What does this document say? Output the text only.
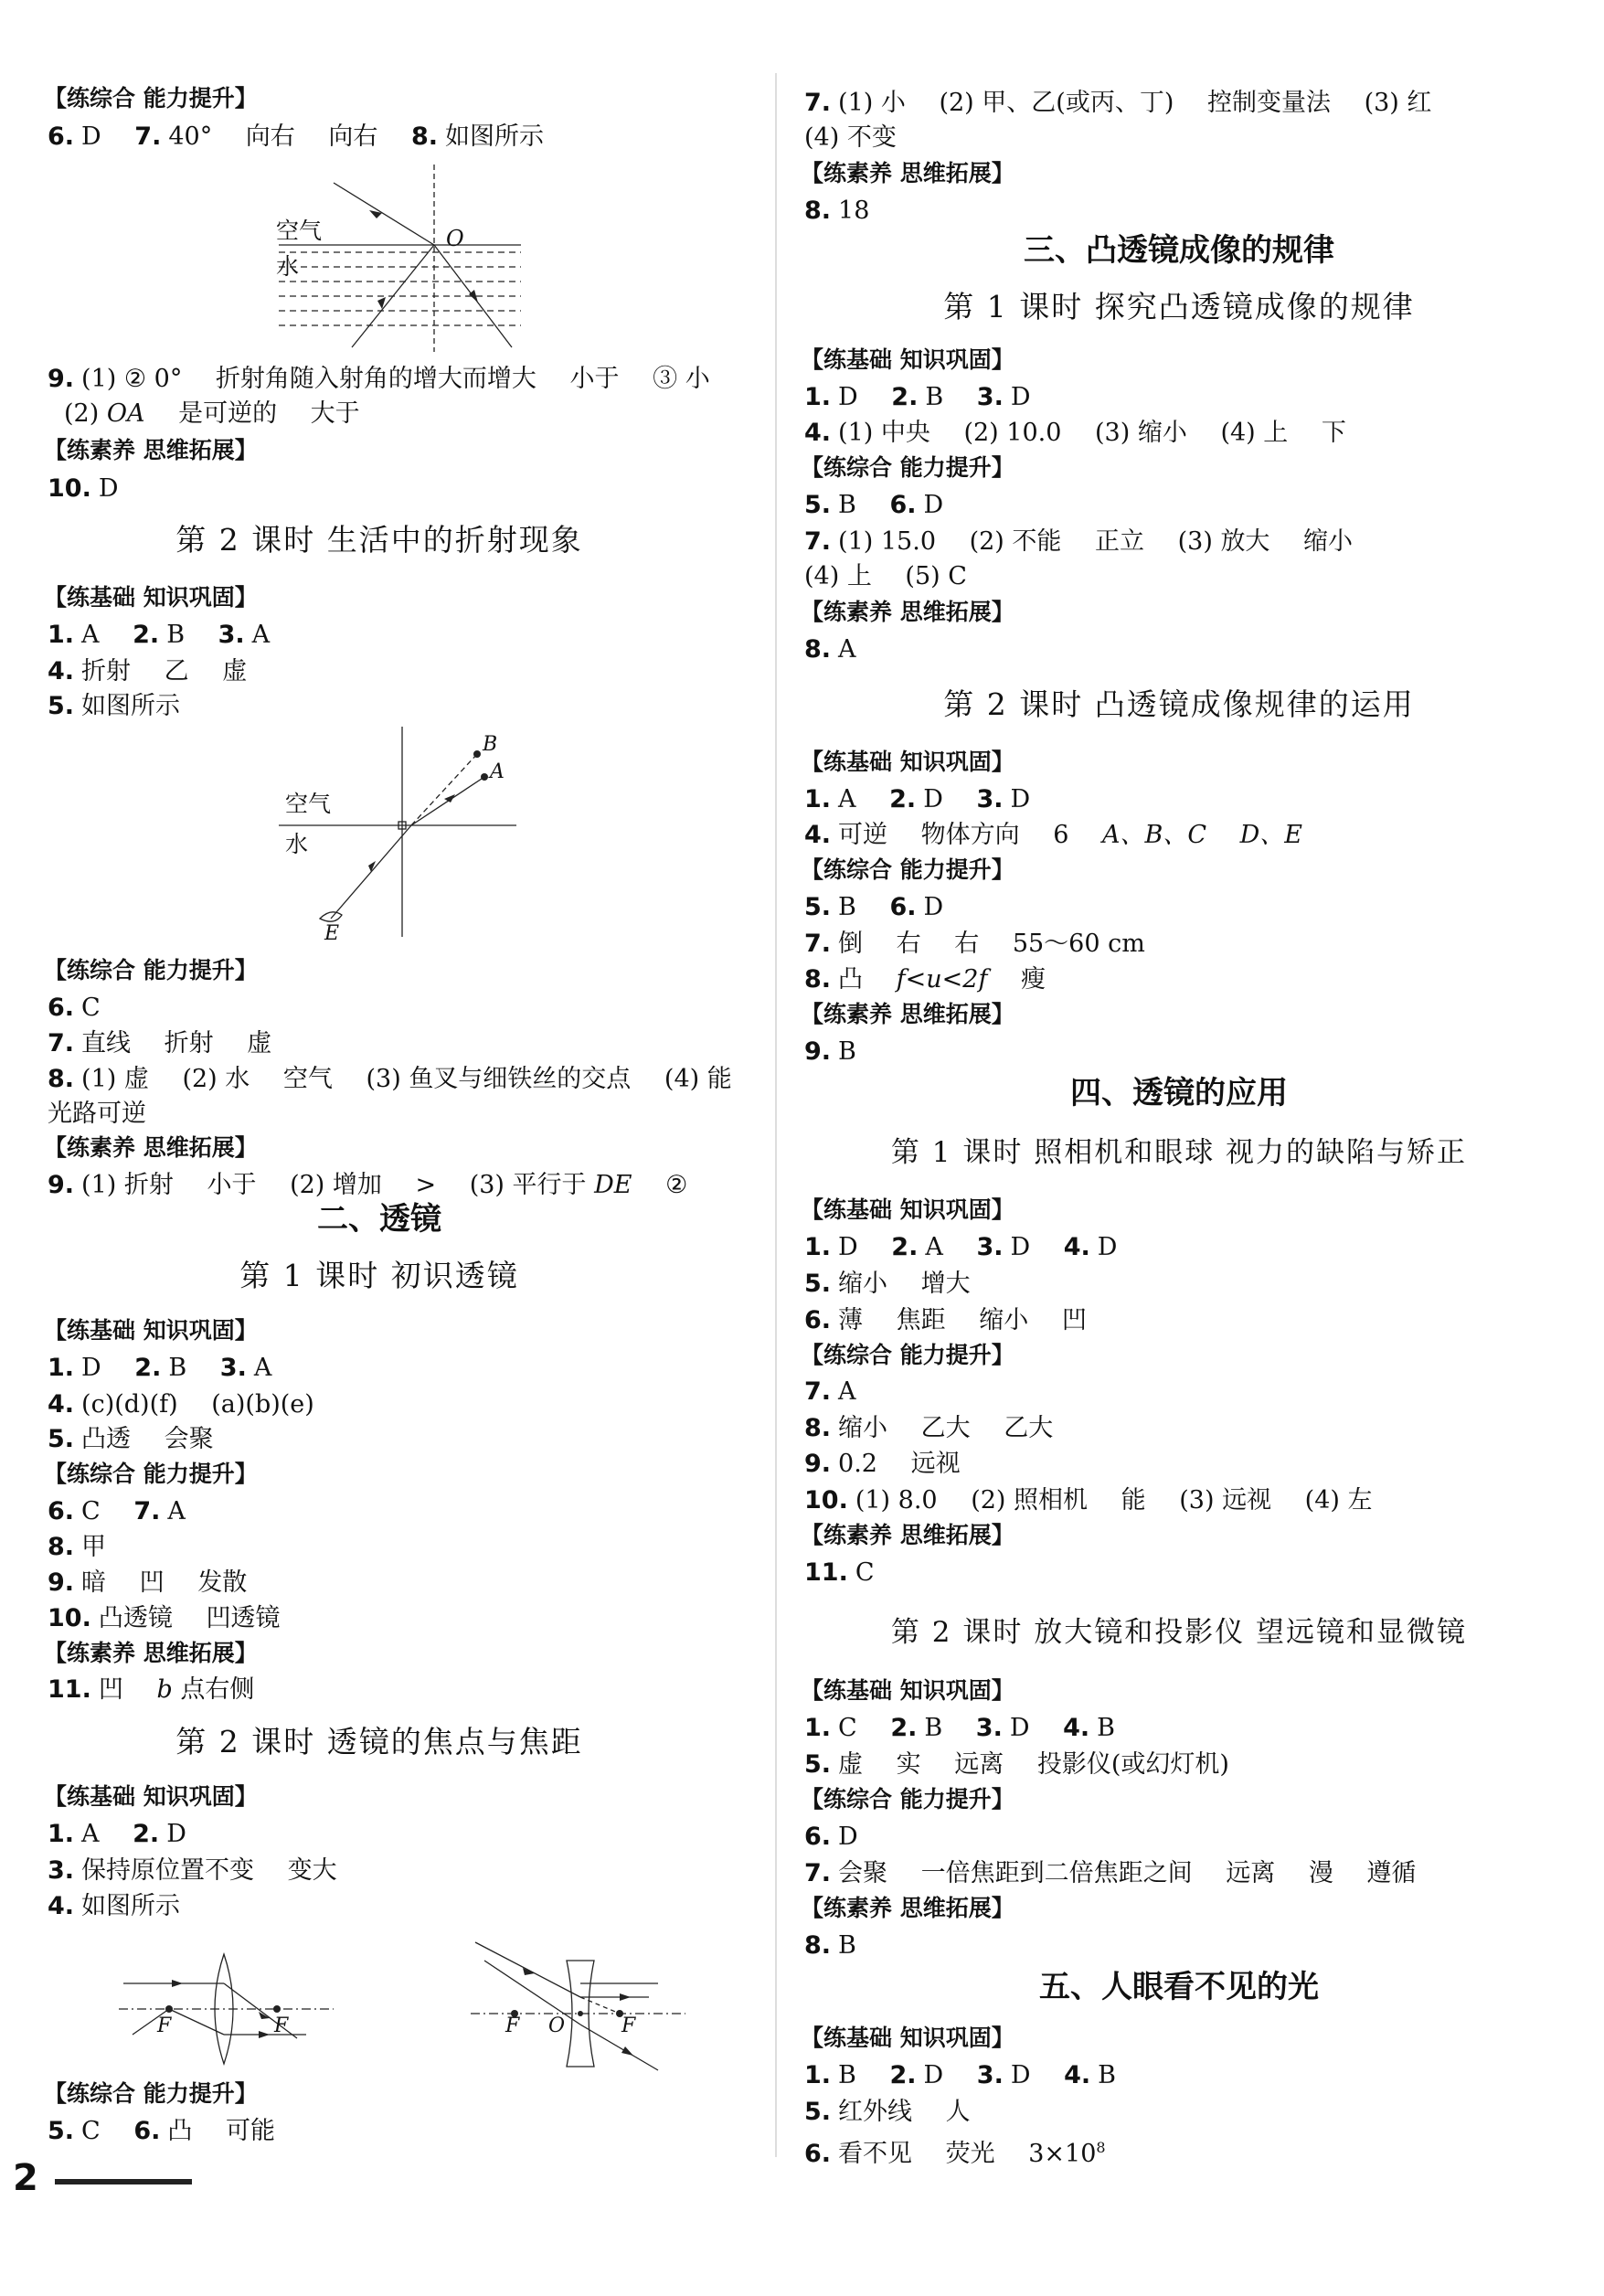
【练综合 能力提升】
6. D 7. 40° 向右 向右 8. 如图所示
空气
水
O
9. (1) ② 0° 折射角随入射角的增大而增大 小于 ③ 小
(2) OA 是可逆的 大于
【练素养 思维拓展】
10. D
第 2 课时 生活中的折射现象
【练基础 知识巩固】
1. A 2. B 3. A
4. 折射 乙 虚
5. 如图所示
空气
水
B
A
E
【练综合 能力提升】
6. C
7. 直线 折射 虚
8. (1) 虚 (2) 水 空气 (3) 鱼叉与细铁丝的交点 (4) 能
光路可逆
【练素养 思维拓展】
9. (1) 折射 小于 (2) 增加 > (3) 平行于 DE ②
二、透镜
第 1 课时 初识透镜
【练基础 知识巩固】
1. D 2. B 3. A
4. (c)(d)(f) (a)(b)(e)
5. 凸透 会聚
【练综合 能力提升】
6. C 7. A
8. 甲
9. 暗 凹 发散
10. 凸透镜 凹透镜
【练素养 思维拓展】
11. 凹 b 点右侧
第 2 课时 透镜的焦点与焦距
【练基础 知识巩固】
1. A 2. D
3. 保持原位置不变 变大
4. 如图所示
F	F	F O	F
【练综合 能力提升】
5. C 6. 凸 可能
7. (1) 小 (2) 甲、乙(或丙、丁) 控制变量法 (3) 红
(4) 不变
【练素养 思维拓展】
8. 18
三、凸透镜成像的规律
第 1 课时 探究凸透镜成像的规律
【练基础 知识巩固】
1. D 2. B 3. D
4. (1) 中央 (2) 10.0 (3) 缩小 (4) 上 下
【练综合 能力提升】
5. B 6. D
7. (1) 15.0 (2) 不能 正立 (3) 放大 缩小
(4) 上 (5) C
【练素养 思维拓展】
8. A
第 2 课时 凸透镜成像规律的运用
【练基础 知识巩固】
1. A 2. D 3. D
4. 可逆 物体方向 6 A、B、C D、E
【练综合 能力提升】
5. B 6. D
7. 倒 右 右 55～60 cm
8. 凸 f<u<2f 瘦
【练素养 思维拓展】
9. B
四、透镜的应用
第 1 课时 照相机和眼球 视力的缺陷与矫正
【练基础 知识巩固】
1. D 2. A 3. D 4. D
5. 缩小 增大
6. 薄 焦距 缩小 凹
【练综合 能力提升】
7. A
8. 缩小 乙大 乙大
9. 0.2 远视
10. (1) 8.0 (2) 照相机 能 (3) 远视 (4) 左
【练素养 思维拓展】
11. C
第 2 课时 放大镜和投影仪 望远镜和显微镜
【练基础 知识巩固】
1. C 2. B 3. D 4. B
5. 虚 实 远离 投影仪(或幻灯机)
【练综合 能力提升】
6. D
7. 会聚 一倍焦距到二倍焦距之间 远离 漫 遵循
【练素养 思维拓展】
8. B
五、人眼看不见的光
【练基础 知识巩固】
1. B 2. D 3. D 4. B
5. 红外线 人
6. 看不见 荧光 $3\times 10^8$
2
